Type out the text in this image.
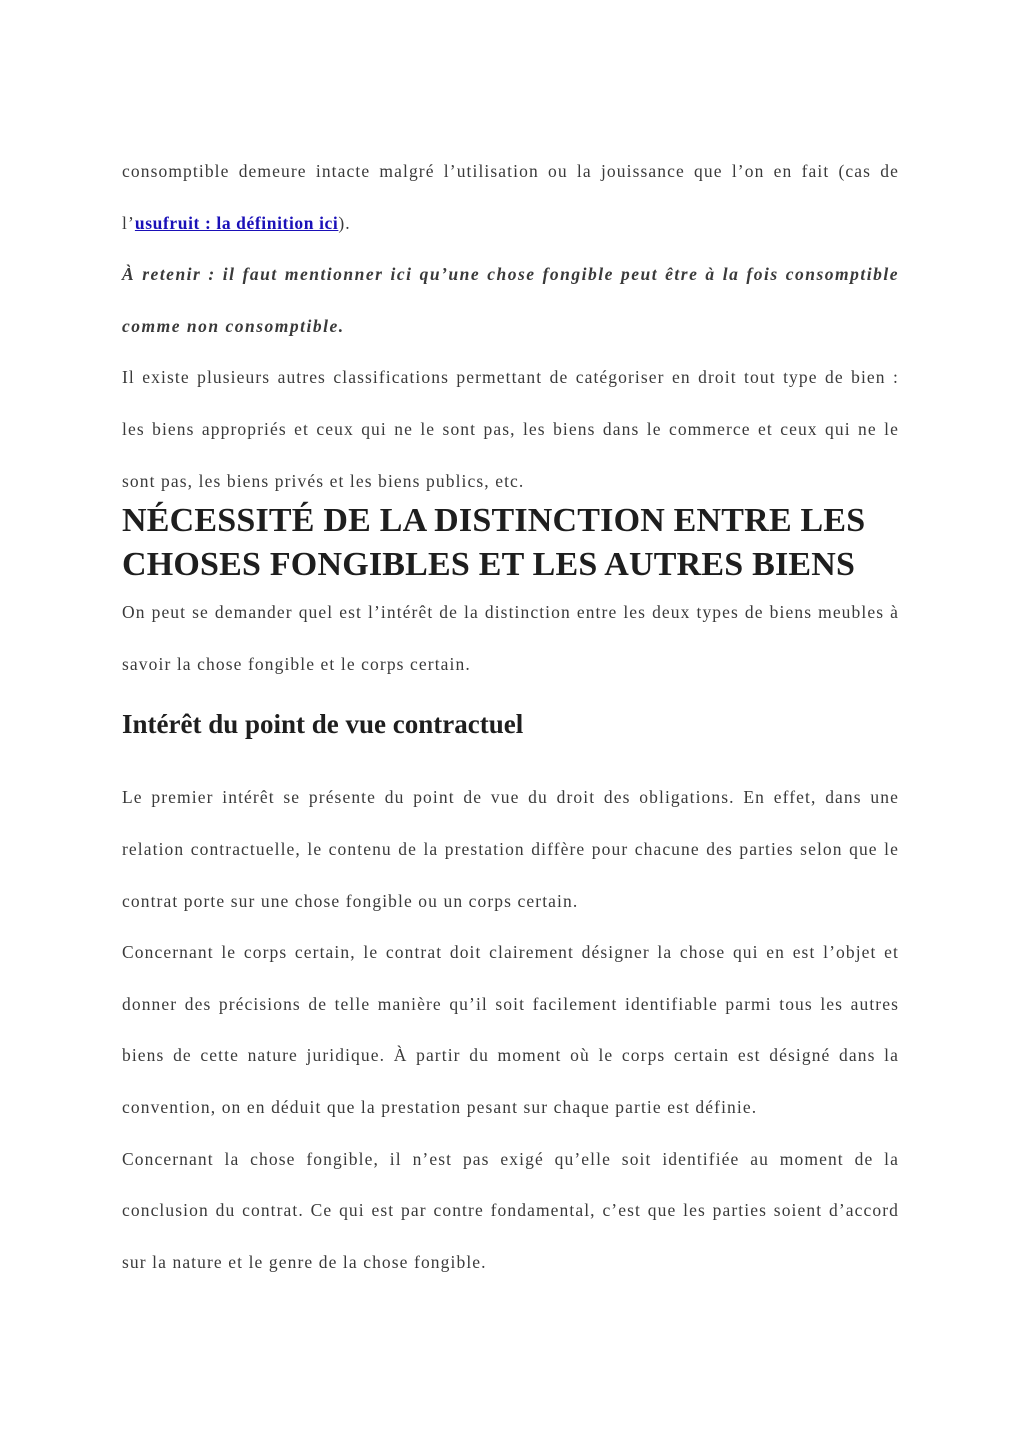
consomptible demeure intacte malgré l’utilisation ou la jouissance que l’on en fait (cas de l’usufruit : la définition ici).

À retenir : il faut mentionner ici qu’une chose fongible peut être à la fois consomptible comme non consomptible.

Il existe plusieurs autres classifications permettant de catégoriser en droit tout type de bien : les biens appropriés et ceux qui ne le sont pas, les biens dans le commerce et ceux qui ne le sont pas, les biens privés et les biens publics, etc.

NÉCESSITÉ DE LA DISTINCTION ENTRE LES CHOSES FONGIBLES ET LES AUTRES BIENS

On peut se demander quel est l’intérêt de la distinction entre les deux types de biens meubles à savoir la chose fongible et le corps certain.

Intérêt du point de vue contractuel

Le premier intérêt se présente du point de vue du droit des obligations. En effet, dans une relation contractuelle, le contenu de la prestation diffère pour chacune des parties selon que le contrat porte sur une chose fongible ou un corps certain.

Concernant le corps certain, le contrat doit clairement désigner la chose qui en est l’objet et donner des précisions de telle manière qu’il soit facilement identifiable parmi tous les autres biens de cette nature juridique. À partir du moment où le corps certain est désigné dans la convention, on en déduit que la prestation pesant sur chaque partie est définie.

Concernant la chose fongible, il n’est pas exigé qu’elle soit identifiée au moment de la conclusion du contrat. Ce qui est par contre fondamental, c’est que les parties soient d’accord sur la nature et le genre de la chose fongible.
